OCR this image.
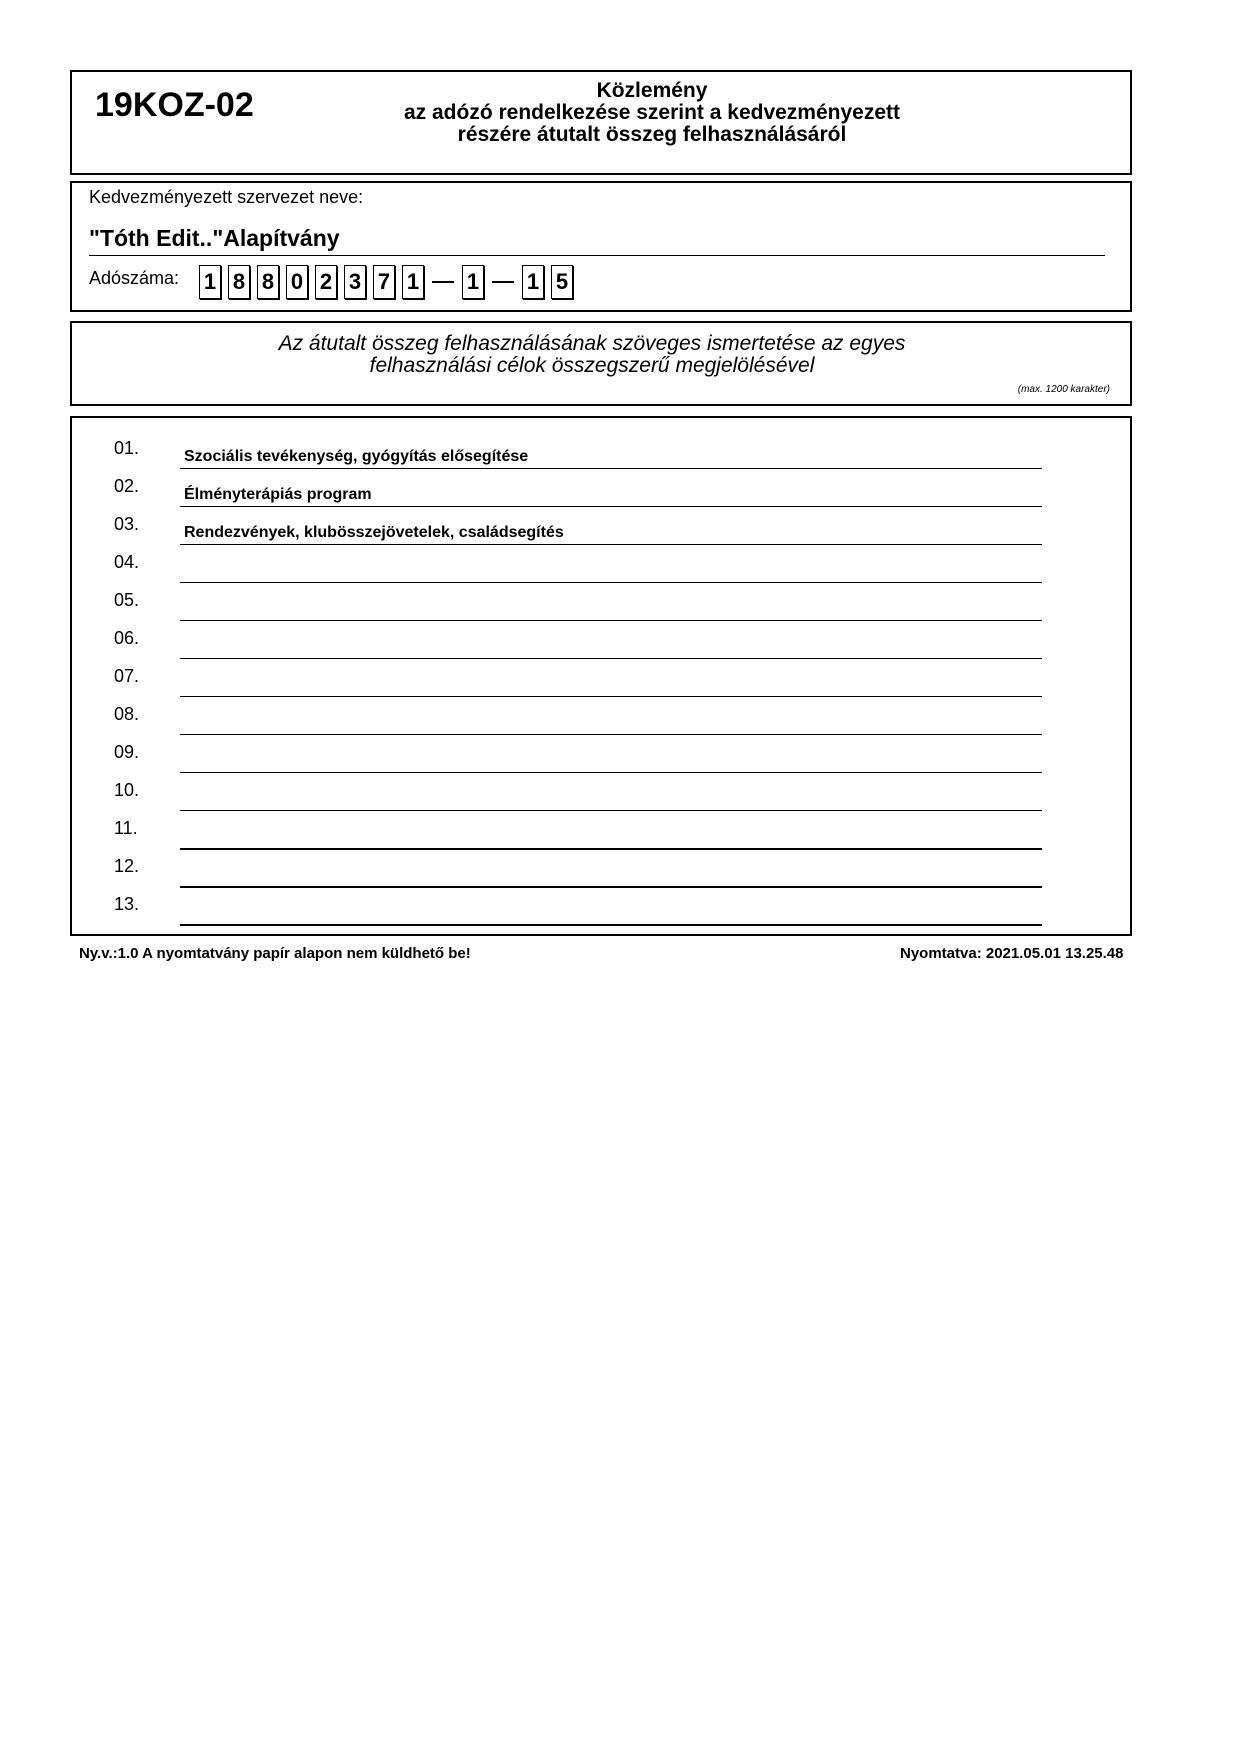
19KOZ-02	Közlemény
az adózó rendelkezése szerint a kedvezményezett
részére átutalt összeg felhasználásáról
Kedvezményezett szervezet neve:
"Tóth Edit.."Alapítvány
Adószáma: 1 8 8 0 2 3 7 1 1 1 5
Az átutalt összeg felhasználásának szöveges ismertetése az egyes
felhasználási célok összegszerű megjelölésével
(max. 1200 karakter)
01.	Szociális tevékenység, gyógyítás elősegítése
02.	Élményterápiás program
03.	Rendezvények, klubösszejövetelek, családsegítés
04.
05.
06.
07.
08.
09.
10.
11.
12.
13.
Ny.v.:1.0 A nyomtatvány papír alapon nem küldhető be!	Nyomtatva: 2021.05.01 13.25.48
